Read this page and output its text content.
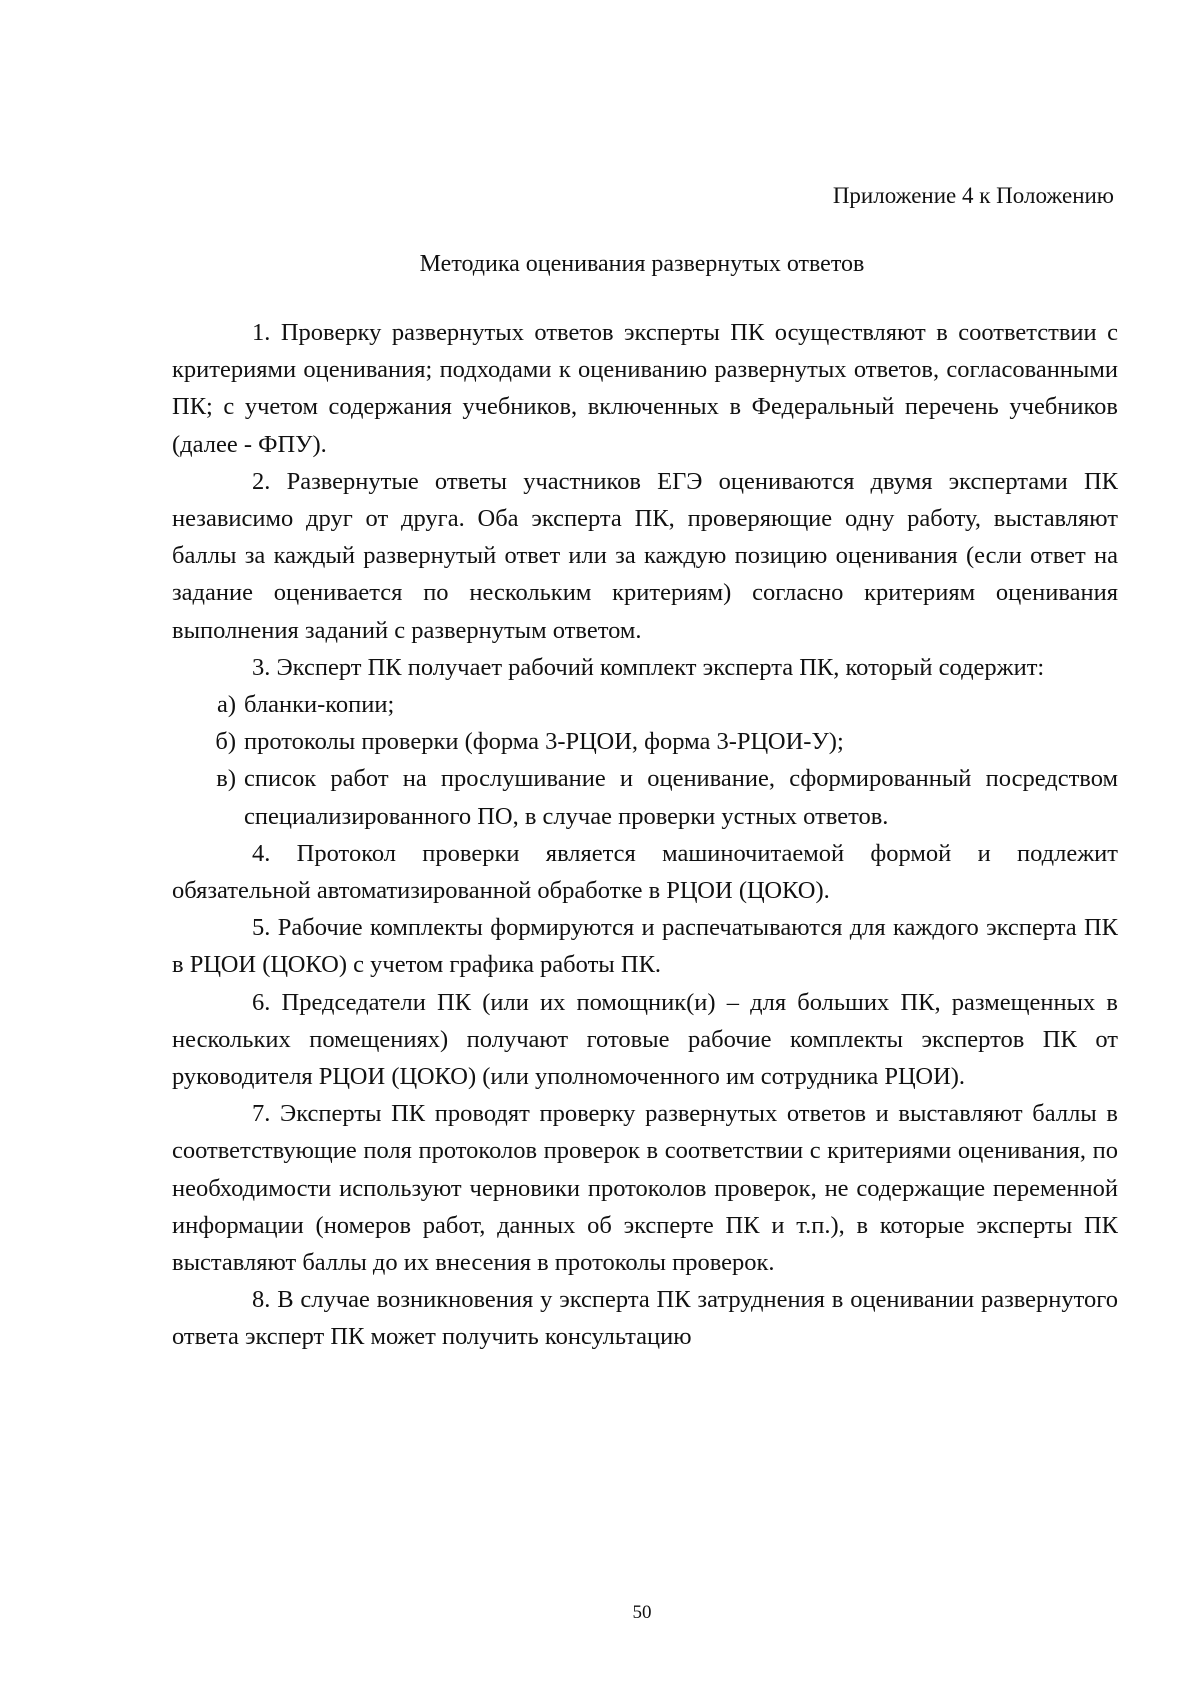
Приложение 4 к Положению

Методика оценивания развернутых ответов

1. Проверку развернутых ответов эксперты ПК осуществляют в соответствии с критериями оценивания; подходами к оцениванию развернутых ответов, согласованными ПК; с учетом содержания учебников, включенных в Федеральный перечень учебников (далее - ФПУ).

2. Развернутые ответы участников ЕГЭ оцениваются двумя экспертами ПК независимо друг от друга. Оба эксперта ПК, проверяющие одну работу, выставляют баллы за каждый развернутый ответ или за каждую позицию оценивания (если ответ на задание оценивается по нескольким критериям) согласно критериям оценивания выполнения заданий с развернутым ответом.

3. Эксперт ПК получает рабочий комплект эксперта ПК, который содержит:

а) бланки-копии;
б) протоколы проверки (форма 3-РЦОИ, форма 3-РЦОИ-У);
в) список работ на прослушивание и оценивание, сформированный посредством специализированного ПО, в случае проверки устных ответов.

4. Протокол проверки является машиночитаемой формой и подлежит обязательной автоматизированной обработке в РЦОИ (ЦОКО).

5. Рабочие комплекты формируются и распечатываются для каждого эксперта ПК в РЦОИ (ЦОКО) с учетом графика работы ПК.

6. Председатели ПК (или их помощник(и) – для больших ПК, размещенных в нескольких помещениях) получают готовые рабочие комплекты экспертов ПК от руководителя РЦОИ (ЦОКО) (или уполномоченного им сотрудника РЦОИ).

7. Эксперты ПК проводят проверку развернутых ответов и выставляют баллы в соответствующие поля протоколов проверок в соответствии с критериями оценивания, по необходимости используют черновики протоколов проверок, не содержащие переменной информации (номеров работ, данных об эксперте ПК и т.п.), в которые эксперты ПК выставляют баллы до их внесения в протоколы проверок.

8. В случае возникновения у эксперта ПК затруднения в оценивании развернутого ответа эксперт ПК может получить консультацию

50
